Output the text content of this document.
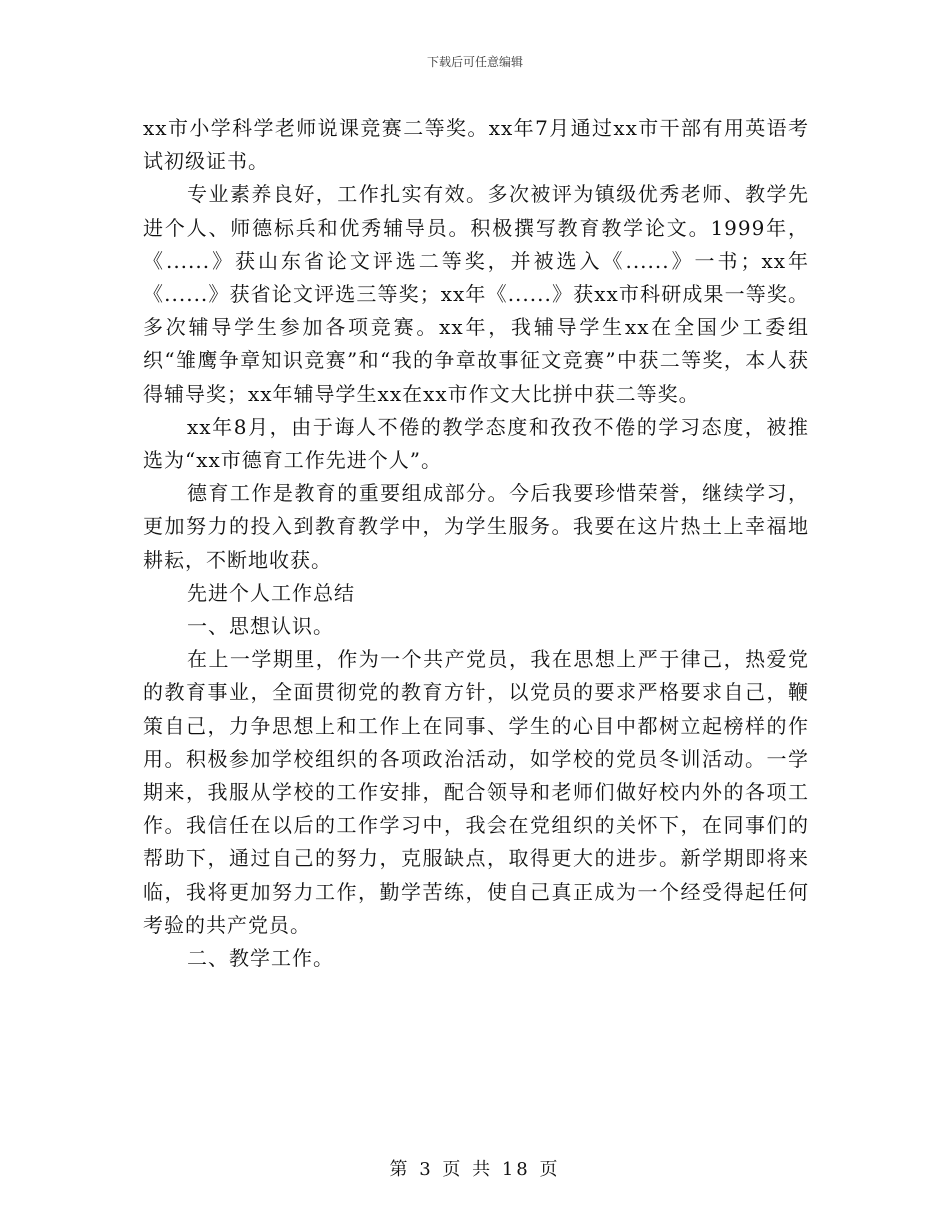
下载后可任意编辑

xx市小学科学老师说课竞赛二等奖。xx年7月通过xx市干部有用英语考试初级证书。

专业素养良好，工作扎实有效。多次被评为镇级优秀老师、教学先进个人、师德标兵和优秀辅导员。积极撰写教育教学论文。1999年，《......》获山东省论文评选二等奖，并被选入《......》一书；xx年《......》获省论文评选三等奖；xx年《......》获xx市科研成果一等奖。多次辅导学生参加各项竞赛。xx年，我辅导学生xx在全国少工委组织“雏鹰争章知识竞赛”和“我的争章故事征文竞赛”中获二等奖，本人获得辅导奖；xx年辅导学生xx在xx市作文大比拼中获二等奖。

xx年8月，由于诲人不倦的教学态度和孜孜不倦的学习态度，被推选为“xx市德育工作先进个人”。

德育工作是教育的重要组成部分。今后我要珍惜荣誉，继续学习，更加努力的投入到教育教学中，为学生服务。我要在这片热土上幸福地耕耘，不断地收获。

先进个人工作总结

一、思想认识。

在上一学期里，作为一个共产党员，我在思想上严于律己，热爱党的教育事业，全面贯彻党的教育方针，以党员的要求严格要求自己，鞭策自己，力争思想上和工作上在同事、学生的心目中都树立起榜样的作用。积极参加学校组织的各项政治活动，如学校的党员冬训活动。一学期来，我服从学校的工作安排，配合领导和老师们做好校内外的各项工作。我信任在以后的工作学习中，我会在党组织的关怀下，在同事们的帮助下，通过自己的努力，克服缺点，取得更大的进步。新学期即将来临，我将更加努力工作，勤学苦练，使自己真正成为一个经受得起任何考验的共产党员。

二、教学工作。

第 3 页 共 18 页
